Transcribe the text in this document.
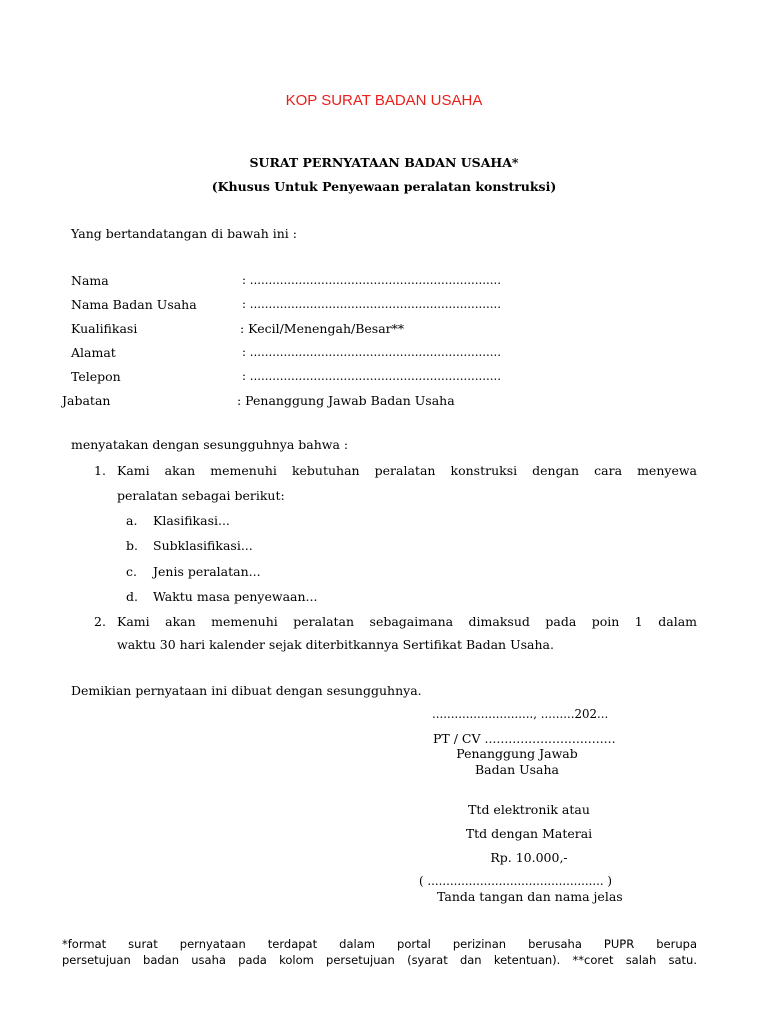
KOP SURAT BADAN USAHA
SURAT PERNYATAAN BADAN USAHA*
(Khusus Untuk Penyewaan peralatan konstruksi)
Yang bertandatangan di bawah ini :
Nama	: ...................................................................
Nama Badan Usaha	: ...................................................................
Kualifikasi	: Kecil/Menengah/Besar**
Alamat	: ...................................................................
Telepon	: ...................................................................
Jabatan	: Penanggung Jawab Badan Usaha
menyatakan dengan sesungguhnya bahwa :
1. Kami akan memenuhi kebutuhan peralatan konstruksi dengan cara menyewa
peralatan sebagai berikut:
a. Klasifikasi...
b. Subklasifikasi...
c. Jenis peralatan...
d. Waktu masa penyewaan...
2. Kami akan memenuhi peralatan sebagaimana dimaksud pada poin 1 dalam
waktu 30 hari kalender sejak diterbitkannya Sertifikat Badan Usaha.
Demikian pernyataan ini dibuat dengan sesungguhnya.
..........................., .........202...
PT / CV .................................
Penanggung Jawab
Badan Usaha
Ttd elektronik atau
Ttd dengan Materai
Rp. 10.000,-
( ............................................... )
Tanda tangan dan nama jelas
*format surat pernyataan terdapat dalam portal perizinan berusaha PUPR berupa
persetujuan badan usaha pada kolom persetujuan (syarat dan ketentuan). **coret salah satu.
